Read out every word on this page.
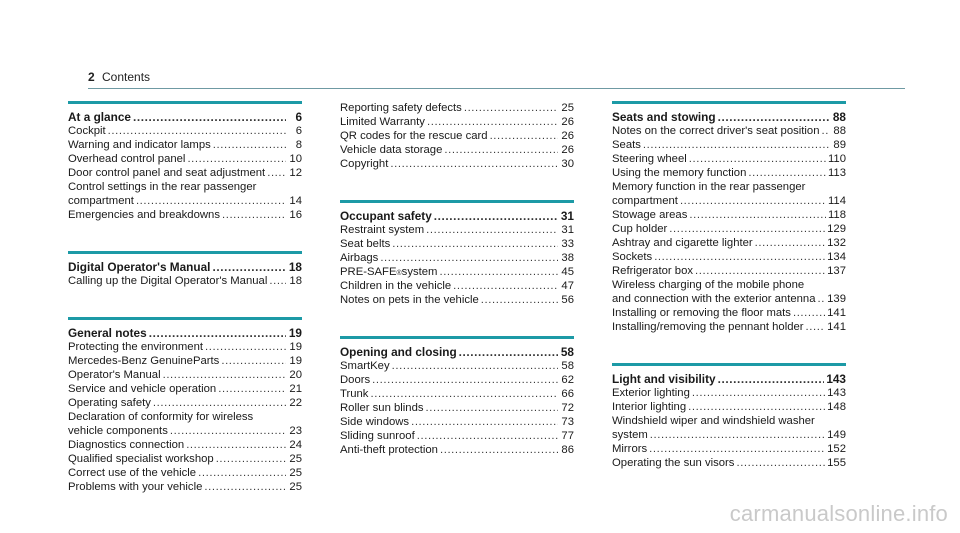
2 Contents
At a glance .....	6
Cockpit .....	6
Warning and indicator lamps .....	8
Overhead control panel .....	10
Door control panel and seat adjustment ..... 12
Control settings in the rear passenger
compartment .....	14
Emergencies and breakdowns .....	16
Digital Operator's Manual .....	18
Calling up the Digital Operator's Manual ..... 18
General notes .....	19
Protecting the environment .....	19
Mercedes-Benz GenuineParts .....	19
Operator's Manual .....	20
Service and vehicle operation .....	21
Operating safety .....	22
Declaration of conformity for wireless
vehicle components .....	23
Diagnostics connection .....	24
Qualified specialist workshop .....	25
Correct use of the vehicle .....	25
Problems with your vehicle .....	25
Reporting safety defects .....	25
Limited Warranty .....	26
QR codes for the rescue card .....	26
Vehicle data storage .....	26
Copyright .....	30
Occupant safety .....	31
Restraint system .....	31
Seat belts .....	33
Airbags .....	38
PRE-SAFE ® system .....	45
Children in the vehicle .....	47
Notes on pets in the vehicle .....	56
Opening and closing .....	58
SmartKey .....	58
Doors .....	62
Trunk .....	66
Roller sun blinds .....	72
Side windows .....	73
Sliding sunroof .....	77
Anti-theft protection .....	86
Seats and stowing .....	88
Notes on the correct driver's seat position ..... 88
Seats .....	89
Steering wheel .....	110
Using the memory function .....	113
Memory function in the rear passenger
compartment .....	114
Stowage areas .....	118
Cup holder .....	129
Ashtray and cigarette lighter .....	132
Sockets .....	134
Refrigerator box .....	137
Wireless charging of the mobile phone
and connection with the exterior antenna ..... 139
Installing or removing the floor mats .....	141
Installing/removing the pennant holder ..... 141
Light and visibility .....	143
Exterior lighting .....	143
Interior lighting .....	148
Windshield wiper and windshield washer
system .....	149
Mirrors .....	152
Operating the sun visors .....	155
carmanualsonline.info
